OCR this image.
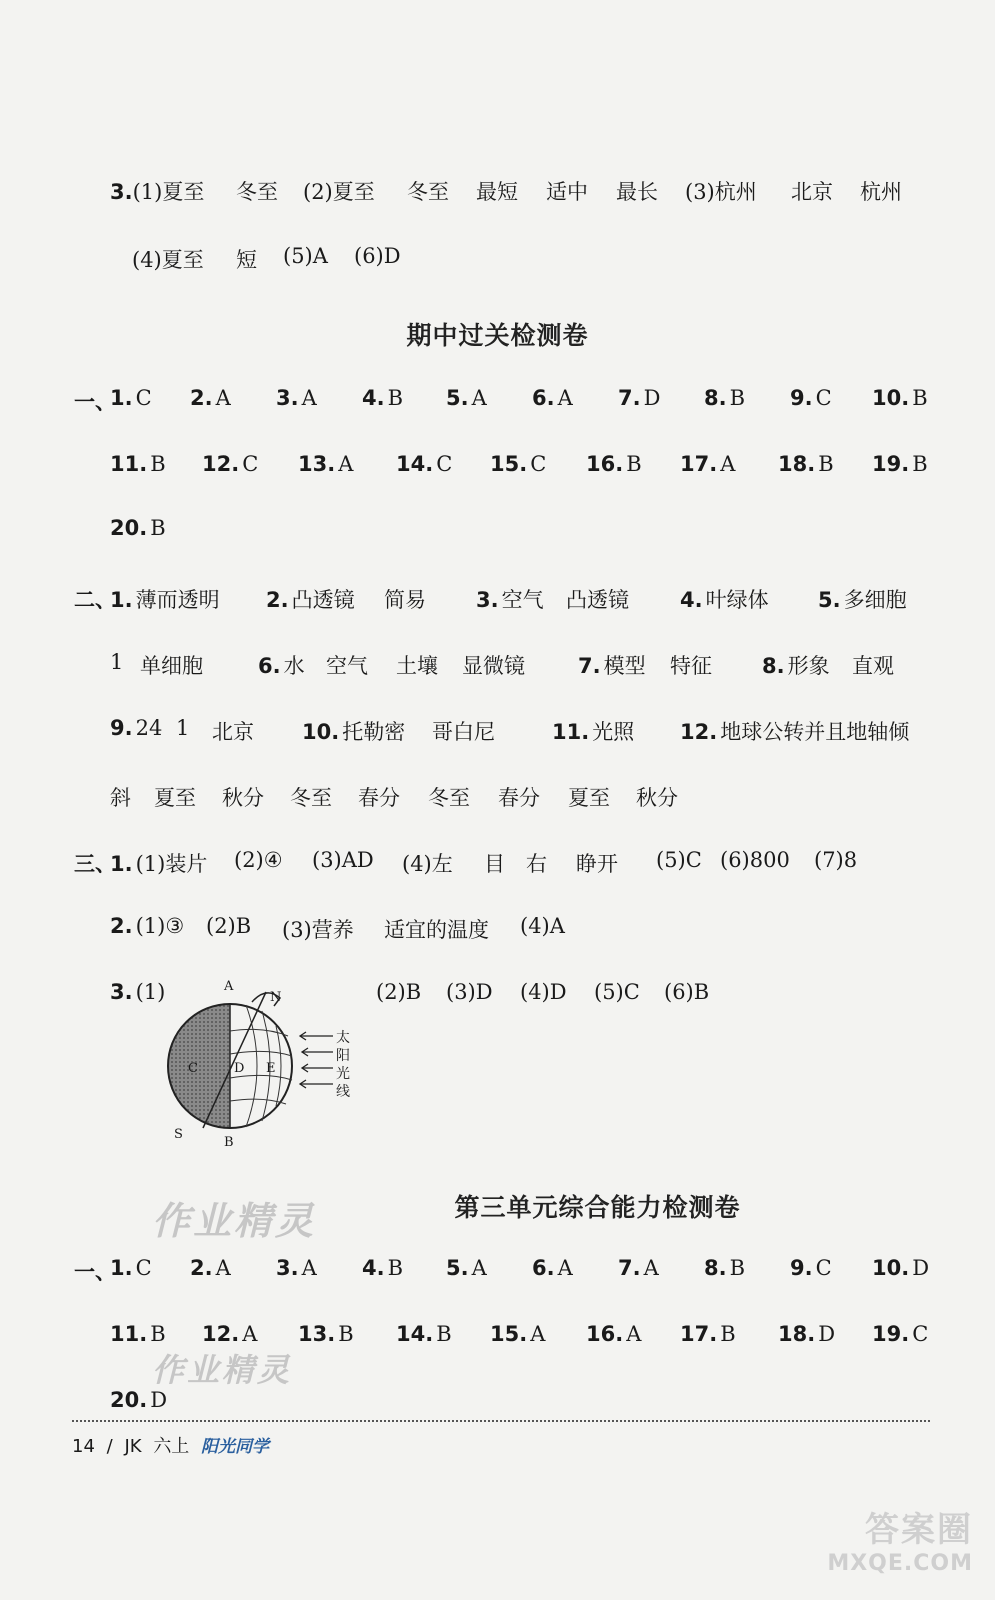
3.(1)夏至 冬至 (2)夏至 冬至 最短 适中 最长 (3)杭州 北京 杭州
(4)夏至 短 (5)A (6)D
期中过关检测卷
一、
1. C 2. A 3. A 4. B 5. A 6. A 7. D 8. B 9. C 10. B
11. B 12. C 13. A 14. C 15. C 16. B 17. A 18. B 19. B
20. B
二、
1. 薄而透明 2. 凸透镜 简易 3. 空气 凸透镜 4. 叶绿体 5. 多细胞
1 单细胞	6. 水 空气 土壤 显微镜	7. 模型 特征 8. 形象 直观
9. 24 1 北京 10. 托勒密 哥白尼	11. 光照 12. 地球公转并且地轴倾
斜 夏至 秋分 冬至 春分 冬至 春分 夏至 秋分
三、
1. (1)装片 (2)④ (3)AD (4)左 目 右 睁开 (5)C (6)800 (7)8
2. (1)③ (2)B (3)营养 适宜的温度 (4)A
3. (1)	(2)B (3)D (4)D (5)C (6)B
A
N
C	D E
S
B
太
阳
光
线
作业精灵
作业精灵
第三单元综合能力检测卷
一、
1. C 2. A 3. A 4. B 5. A 6. A 7. A 8. B 9. C 10. D
11. B 12. A 13. B 14. B 15. A 16. A 17. B 18. D 19. C
20. D
14 / JK 六上 阳光同学
答案圈
MXQE.COM
